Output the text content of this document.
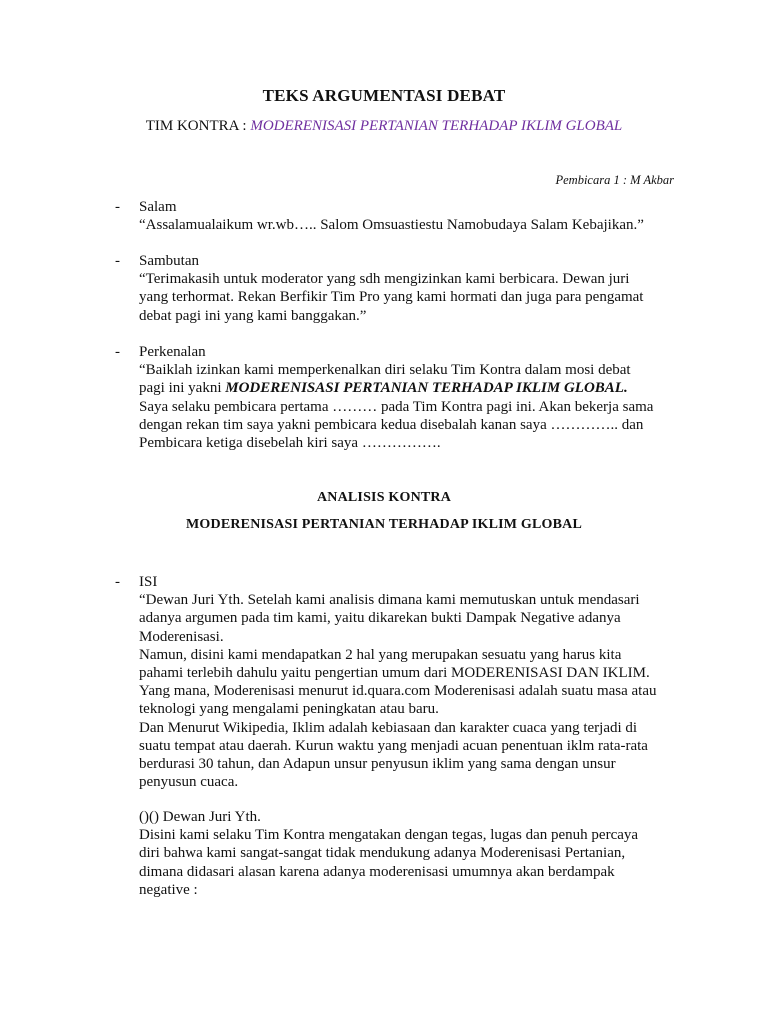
TEKS ARGUMENTASI DEBAT
TIM KONTRA : MODERENISASI PERTANIAN TERHADAP IKLIM GLOBAL
Pembicara 1 : M Akbar
- Salam
“Assalamualaikum wr.wb….. Salom Omsuastiestu Namobudaya Salam Kebajikan.”
- Sambutan
“Terimakasih untuk moderator yang sdh mengizinkan kami berbicara. Dewan juri
yang terhormat. Rekan Berfikir Tim Pro yang kami hormati dan juga para pengamat
debat pagi ini yang kami banggakan.”
- Perkenalan
“Baiklah izinkan kami memperkenalkan diri selaku Tim Kontra dalam mosi debat
pagi ini yakni MODERENISASI PERTANIAN TERHADAP IKLIM GLOBAL.
Saya selaku pembicara pertama ……… pada Tim Kontra pagi ini. Akan bekerja sama
dengan rekan tim saya yakni pembicara kedua disebalah kanan saya ………….. dan
Pembicara ketiga disebelah kiri saya …………….
ANALISIS KONTRA
MODERENISASI PERTANIAN TERHADAP IKLIM GLOBAL
- ISI
“Dewan Juri Yth. Setelah kami analisis dimana kami memutuskan untuk mendasari
adanya argumen pada tim kami, yaitu dikarekan bukti Dampak Negative adanya
Moderenisasi.
Namun, disini kami mendapatkan 2 hal yang merupakan sesuatu yang harus kita
pahami terlebih dahulu yaitu pengertian umum dari MODERENISASI DAN IKLIM.
Yang mana, Moderenisasi menurut id.quara.com Moderenisasi adalah suatu masa atau
teknologi yang mengalami peningkatan atau baru.
Dan Menurut Wikipedia, Iklim adalah kebiasaan dan karakter cuaca yang terjadi di
suatu tempat atau daerah. Kurun waktu yang menjadi acuan penentuan iklm rata-rata
berdurasi 30 tahun, dan Adapun unsur penyusun iklim yang sama dengan unsur
penyusun cuaca.
()() Dewan Juri Yth.
Disini kami selaku Tim Kontra mengatakan dengan tegas, lugas dan penuh percaya
diri bahwa kami sangat-sangat tidak mendukung adanya Moderenisasi Pertanian,
dimana didasari alasan karena adanya moderenisasi umumnya akan berdampak
negative :
